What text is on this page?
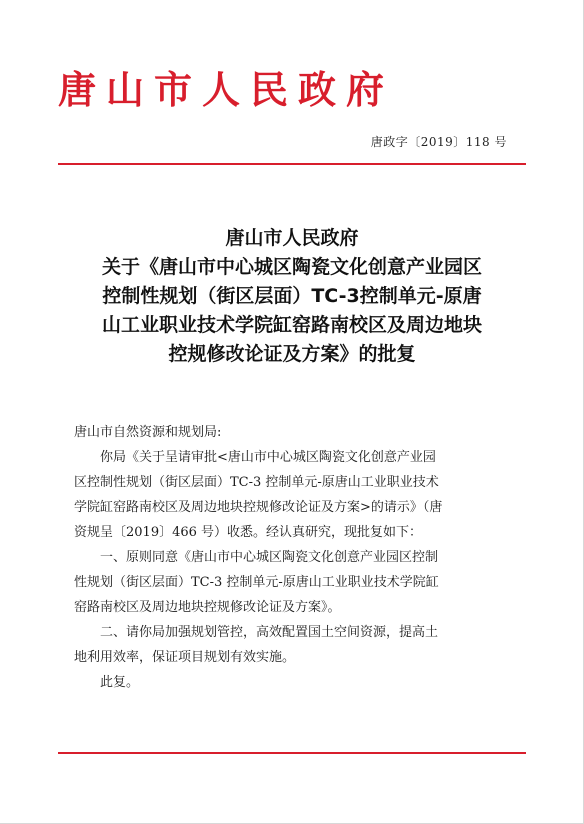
唐山市人民政府
唐政字〔2019〕118 号
唐山市人民政府
关于《唐山市中心城区陶瓷文化创意产业园区
控制性规划（街区层面）TC-3控制单元-原唐
山工业职业技术学院缸窑路南校区及周边地块
控规修改论证及方案》的批复
唐山市自然资源和规划局:
你局《关于呈请审批<唐山市中心城区陶瓷文化创意产业园
区控制性规划（街区层面）TC-3 控制单元-原唐山工业职业技术
学院缸窑路南校区及周边地块控规修改论证及方案>的请示》（唐
资规呈〔2019〕466 号）收悉。经认真研究，现批复如下：
一、原则同意《唐山市中心城区陶瓷文化创意产业园区控制
性规划（街区层面）TC-3 控制单元-原唐山工业职业技术学院缸
窑路南校区及周边地块控规修改论证及方案》。
二、请你局加强规划管控，高效配置国土空间资源，提高土
地利用效率，保证项目规划有效实施。
此复。
